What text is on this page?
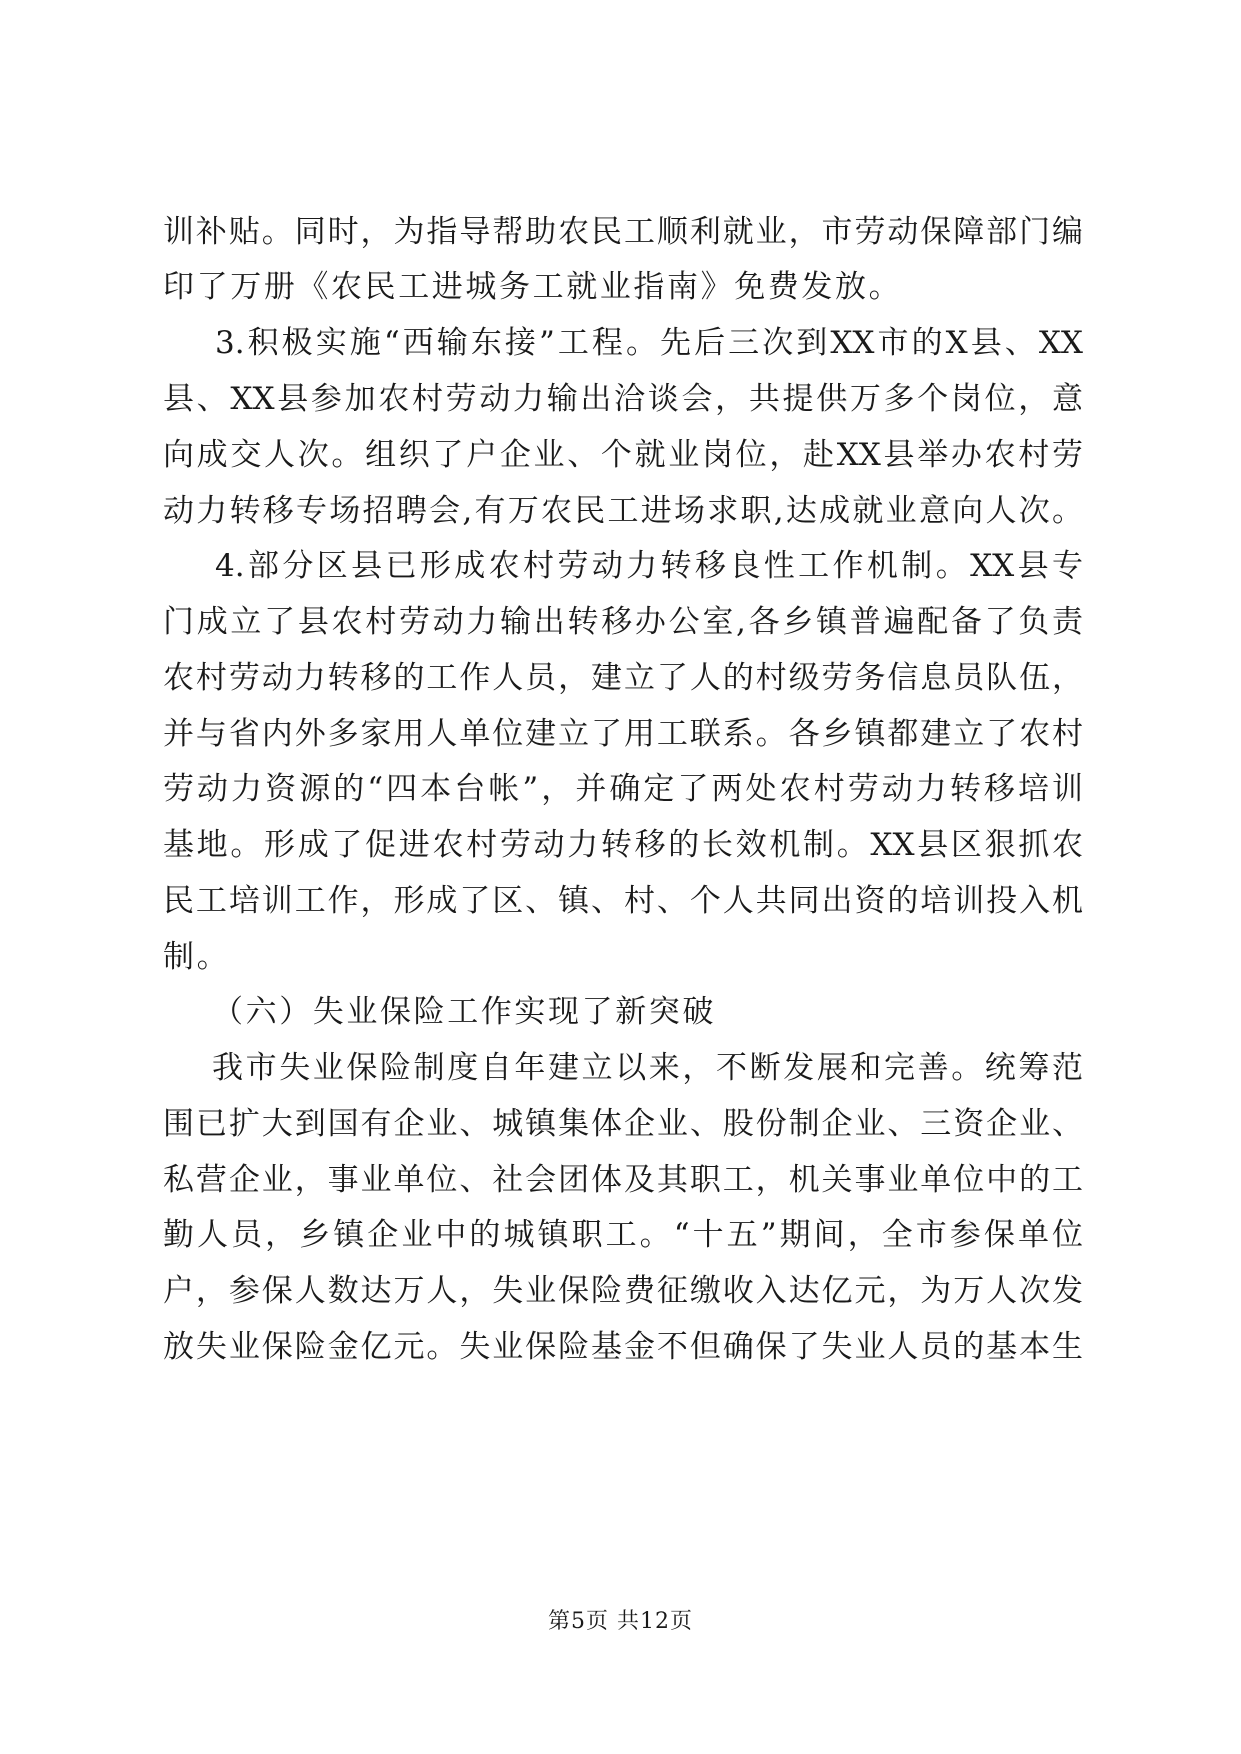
训补贴。同时，为指导帮助农民工顺利就业，市劳动保障部门编
印了万册《农民工进城务工就业指南》免费发放。
3.积极实施“西输东接”工程。先后三次到XX市的X县、XX
县、XX县参加农村劳动力输出洽谈会，共提供万多个岗位，意
向成交人次。组织了户企业、个就业岗位，赴XX县举办农村劳
动力转移专场招聘会,有万农民工进场求职,达成就业意向人次。
4.部分区县已形成农村劳动力转移良性工作机制。XX县专
门成立了县农村劳动力输出转移办公室,各乡镇普遍配备了负责
农村劳动力转移的工作人员，建立了人的村级劳务信息员队伍，
并与省内外多家用人单位建立了用工联系。各乡镇都建立了农村
劳动力资源的“四本台帐”，并确定了两处农村劳动力转移培训
基地。形成了促进农村劳动力转移的长效机制。XX县区狠抓农
民工培训工作，形成了区、镇、村、个人共同出资的培训投入机
制。
（六）失业保险工作实现了新突破
我市失业保险制度自年建立以来，不断发展和完善。统筹范
围已扩大到国有企业、城镇集体企业、股份制企业、三资企业、
私营企业，事业单位、社会团体及其职工，机关事业单位中的工
勤人员，乡镇企业中的城镇职工。“十五”期间，全市参保单位
户，参保人数达万人，失业保险费征缴收入达亿元，为万人次发
放失业保险金亿元。失业保险基金不但确保了失业人员的基本生
第5页 共12页
